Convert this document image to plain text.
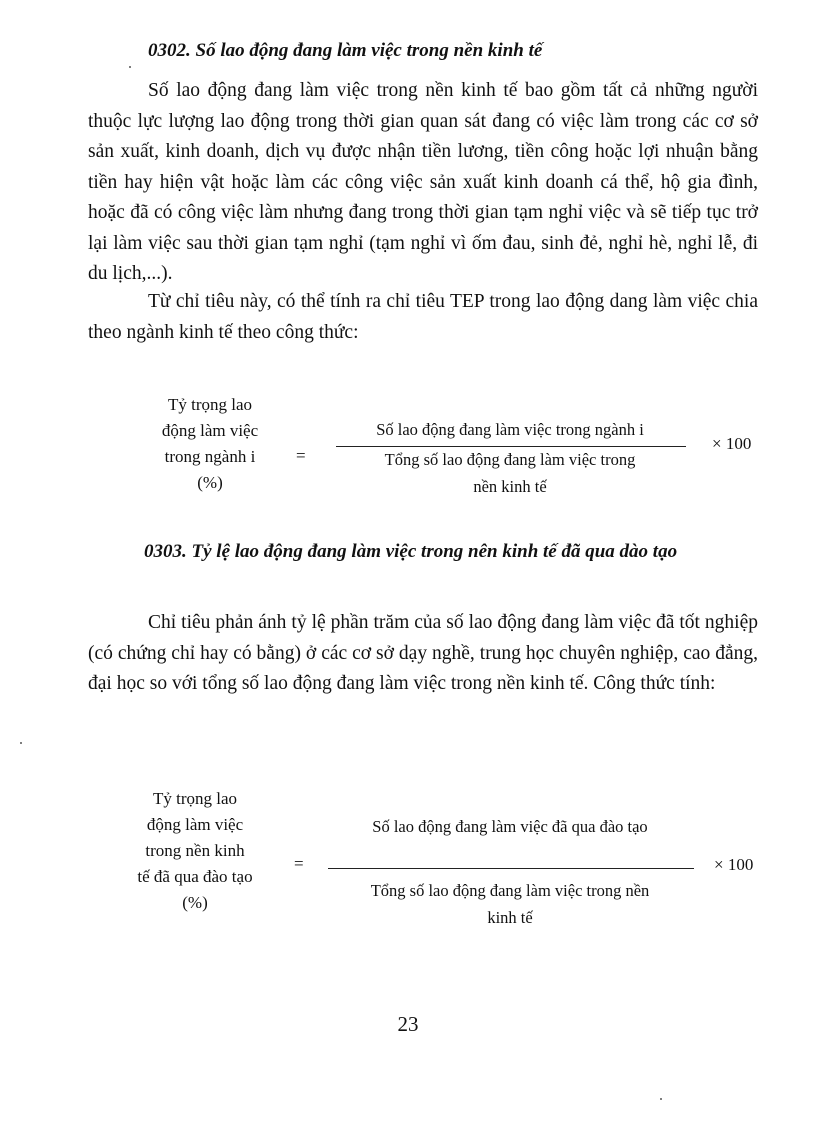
0302. Số lao động đang làm việc trong nền kinh tế

Số lao động đang làm việc trong nền kinh tế bao gồm tất cả những người thuộc lực lượng lao động trong thời gian quan sát đang có việc làm trong các cơ sở sản xuất, kinh doanh, dịch vụ được nhận tiền lương, tiền công hoặc lợi nhuận bằng tiền hay hiện vật hoặc làm các công việc sản xuất kinh doanh cá thể, hộ gia đình, hoặc đã có công việc làm nhưng đang trong thời gian tạm nghỉ việc và sẽ tiếp tục trở lại làm việc sau thời gian tạm nghỉ (tạm nghỉ vì ốm đau, sinh đẻ, nghỉ hè, nghỉ lễ, đi du lịch,...).

Từ chỉ tiêu này, có thể tính ra chỉ tiêu TEP trong lao động dang làm việc chia theo ngành kinh tế theo công thức:

Tỷ trọng lao
động làm việc
trong ngành i
(%)
=
Số lao động đang làm việc trong ngành i
Tổng số lao động đang làm việc trong
nền kinh tế
× 100

0303. Tỷ lệ lao động đang làm việc trong nên kinh tế đã qua dào tạo

Chỉ tiêu phản ánh tỷ lệ phần trăm của số lao động đang làm việc đã tốt nghiệp (có chứng chỉ hay có bằng) ở các cơ sở dạy nghề, trung học chuyên nghiệp, cao đẳng, đại học so với tổng số lao động đang làm việc trong nền kinh tế. Công thức tính:

Tỷ trọng lao
động làm việc
trong nền kinh
tế đã qua đào tạo
(%)
=
Số lao động đang làm việc đã qua đào tạo
Tổng số lao động đang làm việc trong nền
kinh tế
× 100
23
